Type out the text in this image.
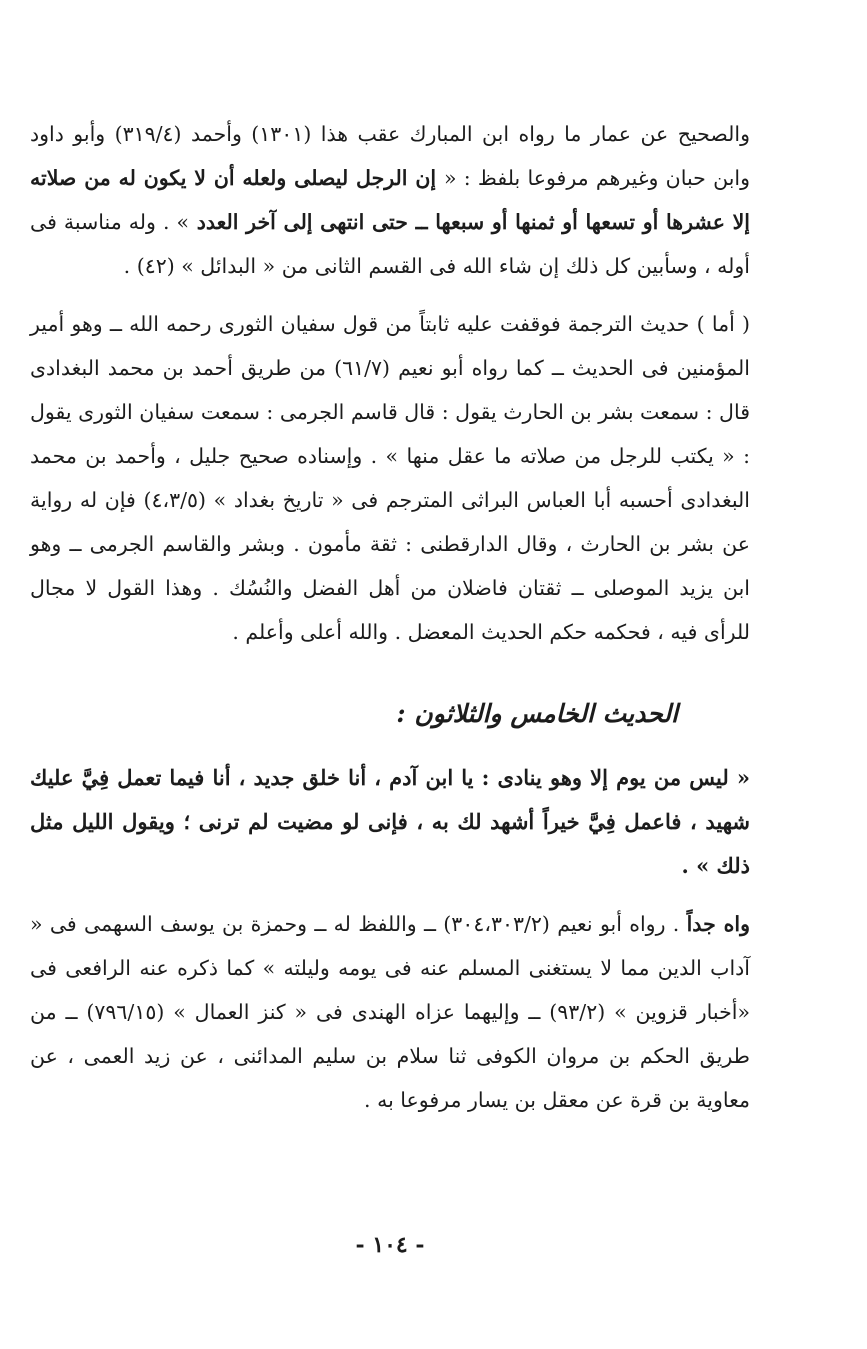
والصحيح عن عمار ما رواه ابن المبارك عقب هذا (١٣٠١) وأحمد (٣١٩/٤) وأبو داود وابن حبان وغيرهم مرفوعا بلفظ : « إن الرجل ليصلى ولعله أن لا يكون له من صلاته إلا عشرها أو تسعها أو ثمنها أو سبعها ــ حتى انتهى إلى آخر العدد » . وله مناسبة فى أوله ، وسأبين كل ذلك إن شاء الله فى القسم الثانى من « البدائل » (٤٢) .

( أما ) حديث الترجمة فوقفت عليه ثابتاً من قول سفيان الثورى رحمه الله ــ وهو أمير المؤمنين فى الحديث ــ كما رواه أبو نعيم (٦١/٧) من طريق أحمد بن محمد البغدادى قال : سمعت بشر بن الحارث يقول : قال قاسم الجرمى : سمعت سفيان الثورى يقول : « يكتب للرجل من صلاته ما عقل منها » . وإسناده صحيح جليل ، وأحمد بن محمد البغدادى أحسبه أبا العباس البراثى المترجم فى « تاريخ بغداد » (٤،٣/٥) فإن له رواية عن بشر بن الحارث ، وقال الدارقطنى : ثقة مأمون . وبشر والقاسم الجرمى ــ وهو ابن يزيد الموصلى ــ ثقتان فاضلان من أهل الفضل والنُسُك . وهذا القول لا مجال للرأى فيه ، فحكمه حكم الحديث المعضل . والله أعلى وأعلم .

الحديث الخامس والثلاثون :

« ليس من يوم إلا وهو ينادى : يا ابن آدم ، أنا خلق جديد ، أنا فيما تعمل فِيَّ عليك شهيد ، فاعمل فِيَّ خيراً أشهد لك به ، فإنى لو مضيت لم ترنى ؛ ويقول الليل مثل ذلك » .

واه جداً . رواه أبو نعيم (٣٠٤،٣٠٣/٢) ــ واللفظ له ــ وحمزة بن يوسف السهمى فى « آداب الدين مما لا يستغنى المسلم عنه فى يومه وليلته » كما ذكره عنه الرافعى فى «أخبار قزوين » (٩٣/٢) ــ وإليهما عزاه الهندى فى « كنز العمال » (٧٩٦/١٥) ــ من طريق الحكم بن مروان الكوفى ثنا سلام بن سليم المدائنى ، عن زيد العمى ، عن معاوية بن قرة عن معقل بن يسار مرفوعا به .

- ١٠٤ -
